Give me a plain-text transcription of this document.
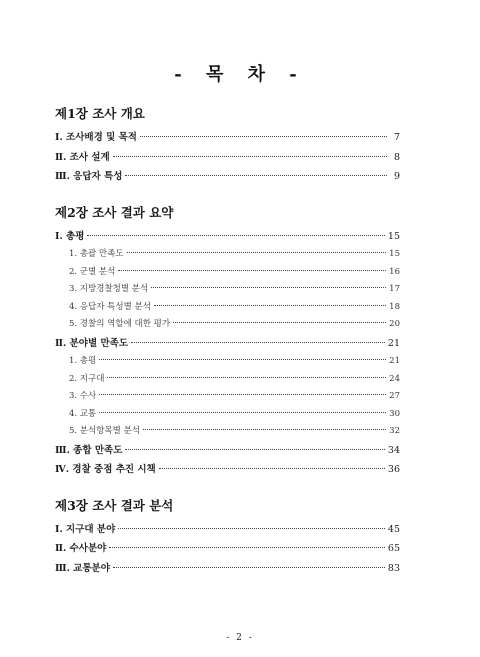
- 목 차 -
제1장 조사 개요
Ⅰ. 조사배경 및 목적	7
Ⅱ. 조사 설계	8
Ⅲ. 응답자 특성	9
제2장 조사 결과 요약
Ⅰ. 총평	15
1. 총괄 만족도	15
2. 군별 분석	16
3. 지방경찰청별 분석	17
4. 응답자 특성별 분석	18
5. 경찰의 역할에 대한 평가	20
Ⅱ. 분야별 만족도	21
1. 총평	21
2. 지구대	24
3. 수사	27
4. 교통	30
5. 분석항목별 분석	32
Ⅲ. 종합 만족도	34
Ⅳ. 경찰 중점 추진 시책	36
제3장 조사 결과 분석
Ⅰ. 지구대 분야	45
Ⅱ. 수사분야	65
Ⅲ. 교통분야	83
- 2 -
